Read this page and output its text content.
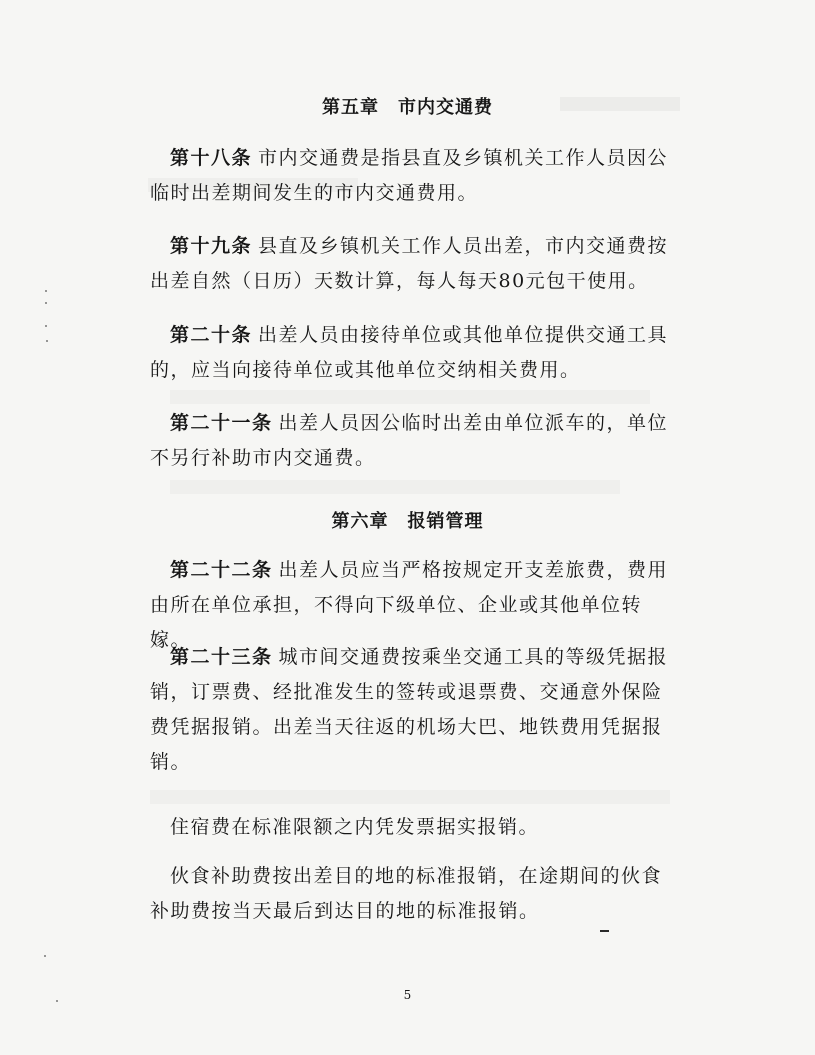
第五章　市内交通费
第十八条 市内交通费是指县直及乡镇机关工作人员因公临时出差期间发生的市内交通费用。
第十九条 县直及乡镇机关工作人员出差，市内交通费按出差自然（日历）天数计算，每人每天80元包干使用。
第二十条 出差人员由接待单位或其他单位提供交通工具的，应当向接待单位或其他单位交纳相关费用。
第二十一条 出差人员因公临时出差由单位派车的，单位不另行补助市内交通费。
第六章　报销管理
第二十二条 出差人员应当严格按规定开支差旅费，费用由所在单位承担，不得向下级单位、企业或其他单位转嫁。
第二十三条 城市间交通费按乘坐交通工具的等级凭据报销，订票费、经批准发生的签转或退票费、交通意外保险费凭据报销。出差当天往返的机场大巴、地铁费用凭据报销。
住宿费在标准限额之内凭发票据实报销。
伙食补助费按出差目的地的标准报销，在途期间的伙食补助费按当天最后到达目的地的标准报销。
5
